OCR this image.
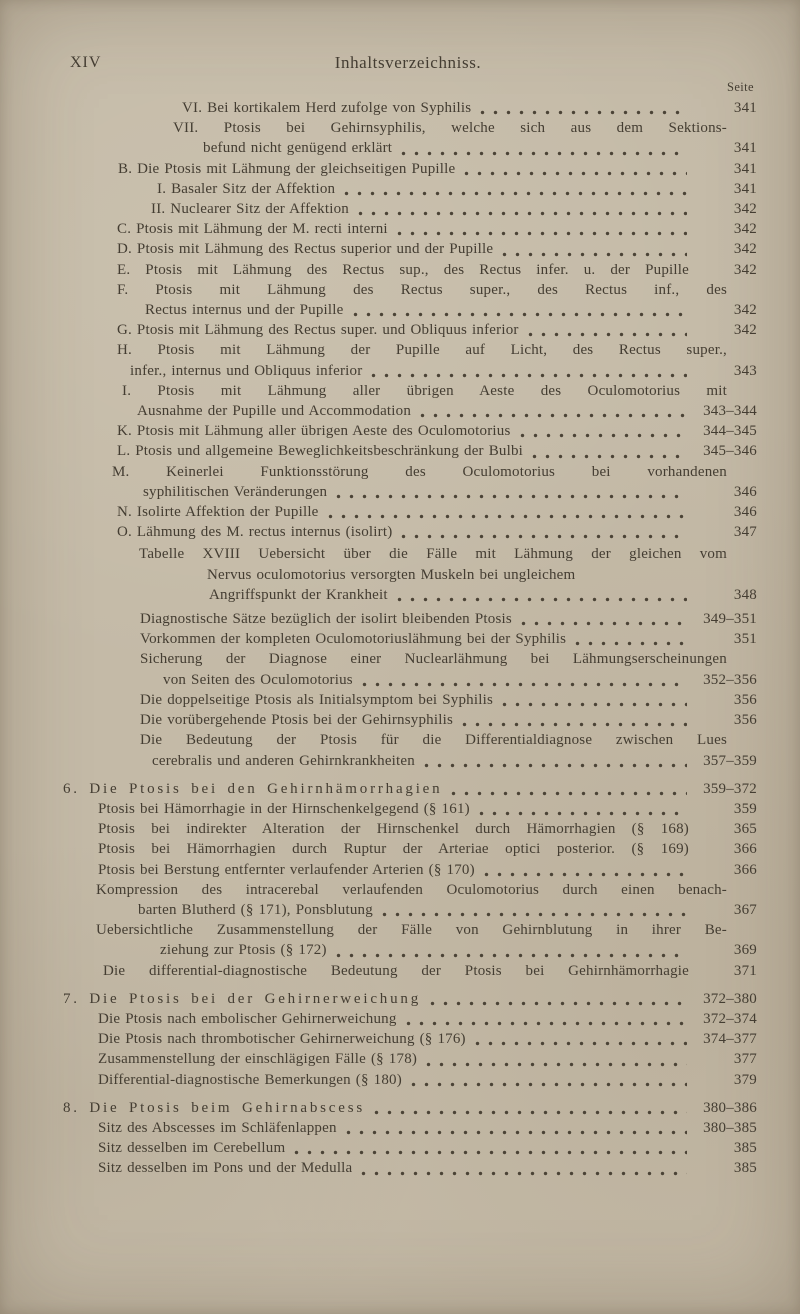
XIV	Inhaltsverzeichniss.
Seite
VI. Bei kortikalem Herd zufolge von Syphilis	341
VII. Ptosis bei Gehirnsyphilis, welche sich aus dem Sektions-
befund nicht genügend erklärt	341
B. Die Ptosis mit Lähmung der gleichseitigen Pupille	341
I. Basaler Sitz der Affektion	341
II. Nuclearer Sitz der Affektion	342
C. Ptosis mit Lähmung der M. recti interni	342
D. Ptosis mit Lähmung des Rectus superior und der Pupille	342
E. Ptosis mit Lähmung des Rectus sup., des Rectus infer. u. der Pupille	342
F. Ptosis mit Lähmung des Rectus super., des Rectus inf., des
Rectus internus und der Pupille	342
G. Ptosis mit Lähmung des Rectus super. und Obliquus inferior	342
H. Ptosis mit Lähmung der Pupille auf Licht, des Rectus super.,
infer., internus und Obliquus inferior	343
I. Ptosis mit Lähmung aller übrigen Aeste des Oculomotorius mit
Ausnahme der Pupille und Accommodation	343–344
K. Ptosis mit Lähmung aller übrigen Aeste des Oculomotorius	344–345
L. Ptosis und allgemeine Beweglichkeitsbeschränkung der Bulbi	345–346
M. Keinerlei Funktionsstörung des Oculomotorius bei vorhandenen
syphilitischen Veränderungen	346
N. Isolirte Affektion der Pupille	346
O. Lähmung des M. rectus internus (isolirt)	347
Tabelle XVIII Uebersicht über die Fälle mit Lähmung der gleichen vom
Nervus oculomotorius versorgten Muskeln bei ungleichem
Angriffspunkt der Krankheit	348
Diagnostische Sätze bezüglich der isolirt bleibenden Ptosis	349–351
Vorkommen der kompleten Oculomotoriuslähmung bei der Syphilis	351
Sicherung der Diagnose einer Nuclearlähmung bei Lähmungserscheinungen
von Seiten des Oculomotorius	352–356
Die doppelseitige Ptosis als Initialsymptom bei Syphilis	356
Die vorübergehende Ptosis bei der Gehirnsyphilis	356
Die Bedeutung der Ptosis für die Differentialdiagnose zwischen Lues
cerebralis und anderen Gehirnkrankheiten	357–359
6. Die Ptosis bei den Gehirnhämorrhagien	359–372
Ptosis bei Hämorrhagie in der Hirnschenkelgegend (§ 161)	359
Ptosis bei indirekter Alteration der Hirnschenkel durch Hämorrhagien (§ 168)	365
Ptosis bei Hämorrhagien durch Ruptur der Arteriae optici posterior. (§ 169)	366
Ptosis bei Berstung entfernter verlaufender Arterien (§ 170)	366
Kompression des intracerebal verlaufenden Oculomotorius durch einen benach-
barten Blutherd (§ 171), Ponsblutung	367
Uebersichtliche Zusammenstellung der Fälle von Gehirnblutung in ihrer Be-
ziehung zur Ptosis (§ 172)	369
Die differential-diagnostische Bedeutung der Ptosis bei Gehirnhämorrhagie	371
7. Die Ptosis bei der Gehirnerweichung	372–380
Die Ptosis nach embolischer Gehirnerweichung	372–374
Die Ptosis nach thrombotischer Gehirnerweichung (§ 176)	374–377
Zusammenstellung der einschlägigen Fälle (§ 178)	377
Differential-diagnostische Bemerkungen (§ 180)	379
8. Die Ptosis beim Gehirnabscess	380–386
Sitz des Abscesses im Schläfenlappen	380–385
Sitz desselben im Cerebellum	385
Sitz desselben im Pons und der Medulla	385
